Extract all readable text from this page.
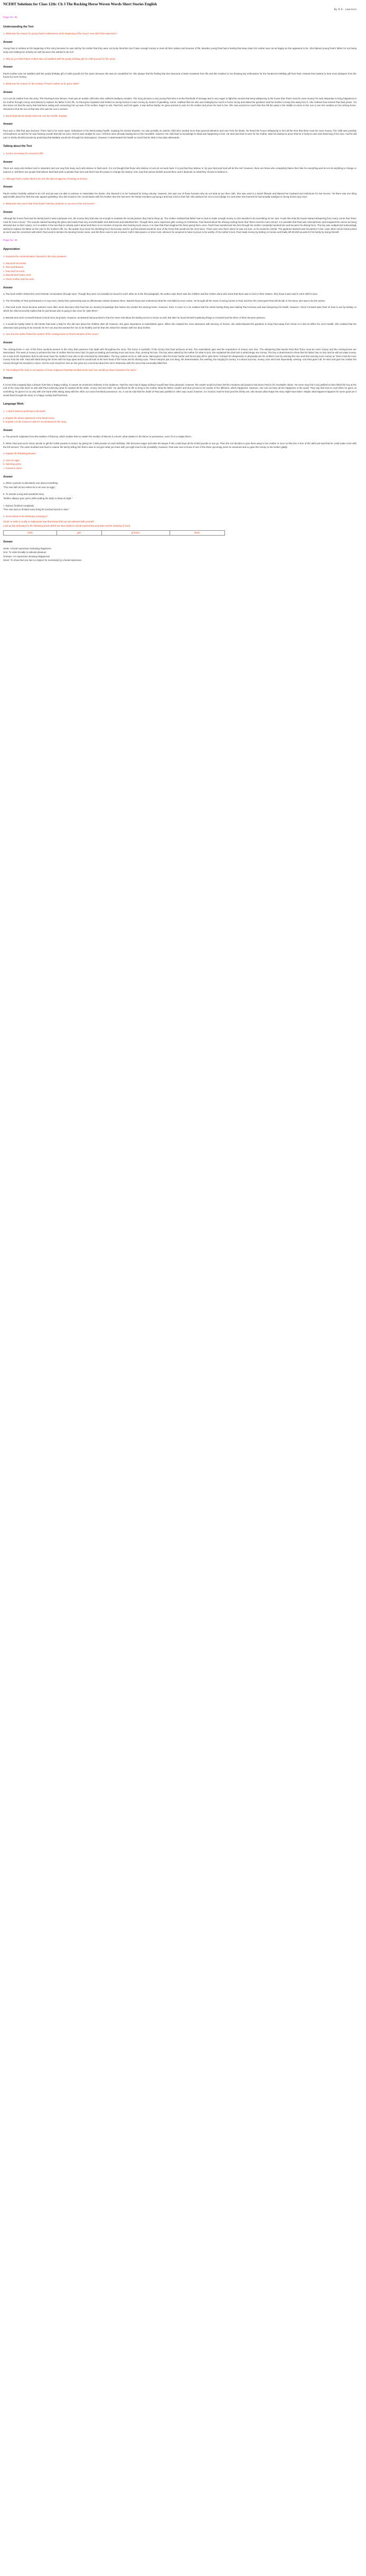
NCERT Solutions for Class 12th: Ch 3 The Rocking Horse Woven Words Short Stories English
By D.H. Lawrence
Page No: 35
Understanding the Text
1. What was the reason for young Paul's restlessness at the beginning of the story? How did it find expression?
Answer

Young Paul is restless at the beginning of the story because he was told by his mother that they were not lucky therefore don't have enough money to meet all their wishes and luxuries of life. Besides young Paul had a feeling that deep down his mother was not as happy as she appeared to be. She blamed young Paul's father for not being lucky and making her unlucky as well because she wanted to be rich.

2. Why do you think Paul's mother was not satisfied with the yearly birthday gift of 1,000 pounds for five years.
Answer

Paul's mother was not satisfied with the yearly birthday gift of 1000 pounds for five years because she was an unsatisfied lot. She always had the feeling that she deserved a better treatment from life and this resulted in not showing any enthusiasm for the handsome birthday gift from Paul. Instead Paul started to hear more whispers from the house for more money.

3. What was the reason for the anxiety of Paul's mother as he grew older?
Answer

As it can be evident from the story, The Rocking-horse Winner, Paul was an autistic child who also suffered Oedipus-complex. The story pictures a very young Paul who is at the threshold of teenage and is very eager to fight the sounds that keep whispering in the house that "there must be more money."He was desperate to bring happiness to his mother through money and desired to replace his father in her life. As Paul grew impatient and betted on racing horses to earn money by means of gambling. Horse, realised that Ian who was indulging too much in horse racing and asked the gardener and her brother to keep him away from it. She realised how tensed Paul had grown. Yet she knew not that the worry that had been eating and consuming him up was of his mother. Eager to win, Paul lost, and lost again. It was before Derby, he grew worried to earn for his mother and prove his luck to her. She was worried so much that she left the party in the middle to return to her son to see him restless on his rocking horse. Shocked to find the son at that time she saw her son in senses.

4. Paul's final bet his family richer but cost him his life. Explain
Answer

Paul was a child that was doomed. There had to be some signs, indications to his deteriorating health, implying his mental situation. He was possibly an autistic child who needed more than general attention and care from his family. He heard the house whispering to him all the time that there must be more money. The child was possibly schizophrenic as well for he was hearing sounds that did not exist. And he was oedipal for sure. All these were already leading him to the inevitable, however, the child had no knowledge to what was happening to him. He tried and tried to earn for his mother, take his wanted to prove that he is lucky to earn and observing of her love. And he did earn in Derby 80,000 pounds by predicting that Malabar would win through his clairvoyance. However, it deteriorated his health so much that he died in few days afterwards.

Talking about the Text
1. 'Luck is necessary for success in life'
Answer

There are many who believe luck is important and one may find many such who believe in hard work. It is not thought that those who believe in luck do not work hard. It is just that they believe in 'do your best and God will do the rest' However, there are those who completely blame their fate for everything and do not do anything to change or improve it. Still there are people that believe that hard work is greater than luck and that it has the power to change the destiny. One may find various beliefs around them and it depends on what they choose to believe in.

2. Although Paul's mother liked to be rich she did not approve of betting on horses.
Answer

Paul's mother foolishly wished to be rich and yet was not able to achieve or materialise her desire. She blamed it on her husband for being unlucky. However, she was one of those humans who do not treat as per their cloth. She was used to a lavish lifestyle and blamed her husband and misfortune for low income. Yet there was one thing appreciable about her that she was against gambling. She did remark to her conversation with her brother that she had seen her family members pursuing it and how it led to their fall. She advised her son to not indulge in it and when she learned he had actually indulged in racing horses any more.

3. What were the voices that Paul heard? Did they lead him to success in the real sense?
Answer

Although the house Paul and his family lived in was a pleasant one, the money they had was not enough to maintain the social position they had to keep up. The mother realised that father had no luck to make enough money so she decided to do something on her own. It was then that the house started whispering from every corner that "there must be more money". The sounds started haunting the place and made Paul very uncomfortable and distressed and disturbed him. Though there were expensive gifts coming on Christmas, Paul feared about the shining rocking horse that "there must be more money" It is possible that Paul was schizophrenic and imagined the voices as being stressed due to their misery. As it is written in the text that to nobody said it aloud and there is no mention of anyone else hearing such voices, it is clear that Paul imagined his fears giving them voice. Paul's fear transformed into him through his mother constantly haunted him and became his driving force. The boy was oedipal and unknowingly wished to replace his father as the man in his mother's life. So, the autistic boy drove his shrinking force ferociously until he 'got fiercewand would be sure of the horse that would win the next races. There was none there when he was not sure, so he would be careful. The gardener Bassett was his partner in bet. Later when Uncle Oscar joined as such was the conviction with which Paul used to declare his winning horses name, and the three used to win in actual. Call it clairvoyance or sheer luck, whoever he acquired to have to prove to be worthy of his mother's luck, Paul made money by betting on horses and finally left 80,000 pounds for his family by losing himself.

Page No: 36
Appreciation
1. Examine the communication channels in the story between
a. Paul and his mother
b. Paul and Bassett
c. Paul and his uncle
d. Bassett and Paul's uncle
e. Paul's mother and his uncle
Answer

a. Paul and mother shared the most intimate conversation through eyes. Though they were not actually too bound to each other as in the first paragraph, the author says that it was the children and the mother alone who knew that there was no love in their relation, they knew it was read in each other's eyes.

b. The friendship of Paul and Bassett or to say more clearly their partnership was an affectionate relation between them. Bassett knew and understood what the rest failed to even notice. He brought all the news of racing horses to Paul and then the clairvoyant Paul will decide in his trance who was to be the winner.

c. Paul and uncle Oscar became partners soon after uncle discovers that Paul has an uncanny knowledge that makes him predict the winning horse. However, there is more to it, he realises that the whole betting thing was making Paul nervous and was hampering his health. However, Oscar Creswell asks Paul on how to win by betting, to which the child innocently replies that he just knows who is going to win once he "gets there".

d. Bassett and uncle Creswell shared a bond since long back. However, as Bassett had promised to Paul he never told about his betting secret to Oscar as well. But later he found himself explaining things to Creswell and the three of them became partners.

e. It would be totally unfair to call Hester that have a lady for she did care about her children after all; however, she gave importance to materialistic gains. When she realised her sons obsession with winning on horses, she asked Bassett the gardener to keep Paul away from Oscar so it did not affect her son's health. She realised that the obsession was proving to be neurotic for her son and she wanted her son to be healthy and for that she risked her relation with her dear brother.

2. How has the author linked the symbol of the rocking-horse to Paul's triumphs at the races?
Answer

The rocking-horse is one of the three symbols present in the story that Lawrence has dealt with throughout the story. The horse is symbolic of the victory that Paul achieves at last. The materialistic gain and the importance of money over love. The whispering that haunts Paul that "there must be more money and the rocking-horse are interrelated. The want of money to achieve the love of mother that he never had, he goes on betting and earning more and more, thus, proving his luck. The boy when asked by his mother for what is luck, she explained him that luck is what brings one money. The boy is determined to show that his father has no luck and he will not make money. He is sad at the implication that he will never have his mother's love who is all consumed by materialism. The boy, autistic as he is, with some clairvoyance rides his horse harder and ferociously till he 'gets there' it shows his desperation to physically win his mother's love by winning the race and thus earning more money as "there must be more money Post the ride. Paul will stand facing the horse with his legs apart and he would look at the bent head of the horse and its shining eyes. These interpret just one thing, the determination, the wanting, the longing for money. It is about success, money, love and most importantly, winning. And Paul gets it all, he wins and gets her mother the money through his triumphs in races. And he even found her love as she grew too concerned about her son's obsession with the races that eventually killed him.

3. The ending of the story is an instance of irony. Suppose Paul had not died at the end, how would you have reacted to the story?
Answer

It is true that a tragedy digs a deeper hole than a happy ending. It causes an emotional catharsis in the audience. Had the story had a happy ending it would have been pleasant, however, the reader would not have felt the emotions and passion that drove Paul to his inevitable climax. Yet some may find it not justified to have killed the boy at the end of the story that went so well with Paul achieving what he wanted all the while, money and love both. He sacrificed his life to bring to his mother what his father couldn't and thus proved to be worthy of her affection, which happened. However, one can not have all the happiness in the world. They say that God is cruel when he gives us something, he gives it to us only with one hand while taking away with the other our most cherished possession. So, it can be said that the death of Paul was justified or other way round, however, it is ironical. Had he lived post the Derby win, who knows what shape the story might have taken. Maybe what happens happens for some good yet it would have brought the story to a happy ending had Paul lived.

Language Work
1. 'A bird in hand is worth two in the bush'
a. Explain the above statement in the literal sense.
b. Explain it in the context in which it is mentioned in the story.
Answer

a. The proverb originates from the tradition of falconry, which implies that no matter the number of falcons in a bush, what matters is the falcon in possession, even if it is a single falcon.

b. When Paul and uncle Oscar decide to gift the 5,000 pounds to Hester, by giving her 1,000 pounds on each birthday. She becomes eager and asks the lawyer if she could have all the 5,000 pounds in one go. Then the son decides to give them away to her mother in once so that she is free of the debt and said that he could make more with the left amount. The uncle doubted and tried to caution the lad by telling him that is wise to not give what you have with you right now for the possibility. However, Paul was sure to know of one of the three upcoming races he assumed and so gave the money to his mother gladly.

2. Explain the following phrases
a. Sure as eggs
b. Spinning yarns
c. Turned to stone
Answer
a. When a person is absolutely sure about something
"The man will not bet unless he is as sure as eggs."
b. To narrate a long and wonderful story
"Mother always spun yarns while putting the baby to sleep at night."
c. Ruined, finished completely
"The man was so ill fated every thing he touched turned to dust."
3. Given below is the dictionary meaning of
Smirk: to smile in a silly or unpleasant way that shows that you are pleased with yourself.
Look up the dictionary for the following words which are also related to facial expressions and write out the meaning of each.
smile	grin	grimace	sneer
Answer
Smile: A facial expression indicating happiness
Grin: To smile broadly to indicate pleasure
Grimace: An expression showing disapproval
Sneer: To show that one has no respect for somebody by a facial expression
